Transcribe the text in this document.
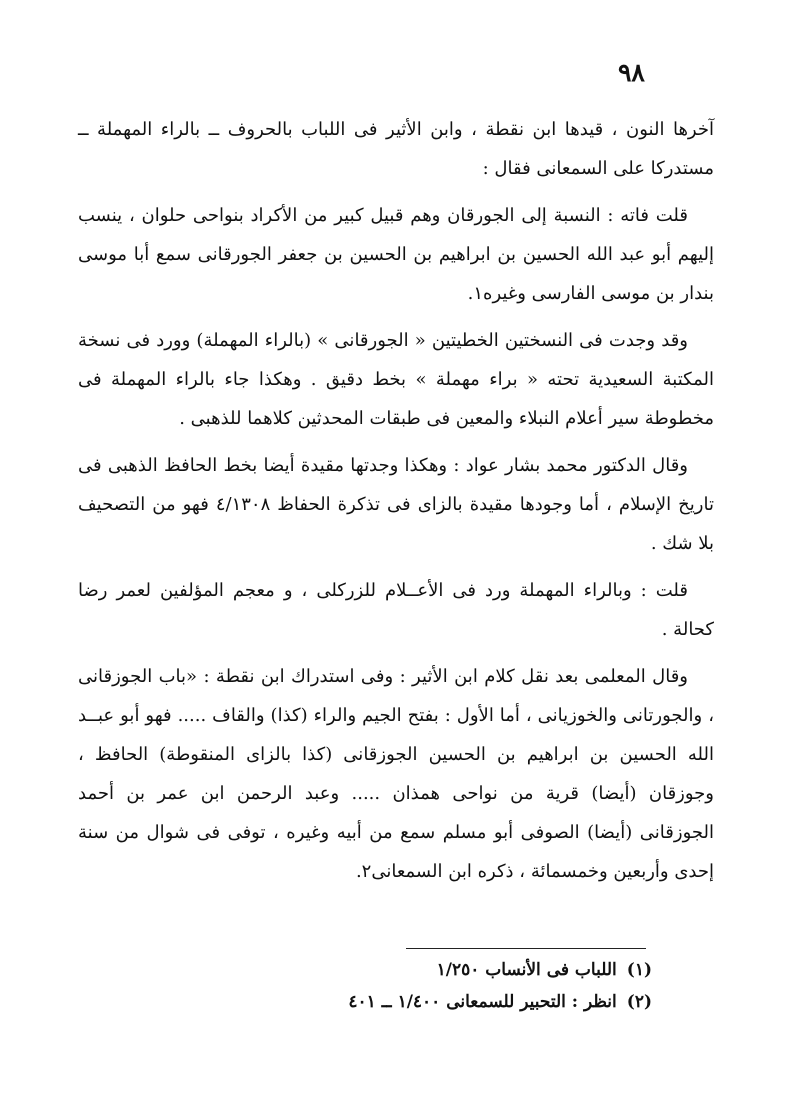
٩٨

آخرها النون ، قيدها ابن نقطة ، وابن الأثير فى اللباب بالحروف ــ بالراء المهملة ــ مستدركا على السمعانى فقال :

قلت فاته : النسبة إلى الجورقان وهم قبيل كبير من الأكراد بنواحى حلوان ، ينسب إليهم أبو عبد الله الحسين بن ابراهيم بن الحسين بن جعفر الجورقانى سمع أبا موسى بندار بن موسى الفارسى وغيره١.

وقد وجدت فى النسختين الخطيتين « الجورقانى » (بالراء المهملة) وورد فى نسخة المكتبة السعيدية تحته « براء مهملة » بخط دقيق . وهكذا جاء بالراء المهملة فى مخطوطة سير أعلام النبلاء والمعين فى طبقات المحدثين كلاهما للذهبى .

وقال الدكتور محمد بشار عواد : وهكذا وجدتها مقيدة أيضا بخط الحافظ الذهبى فى تاريخ الإسلام ، أما وجودها مقيدة بالزاى فى تذكرة الحفاظ ٤/١٣٠٨ فهو من التصحيف بلا شك .

قلت : وبالراء المهملة ورد فى الأعــلام للزركلى ، و معجم المؤلفين لعمر رضا كحالة .

وقال المعلمى بعد نقل كلام ابن الأثير : وفى استدراك ابن نقطة : «باب الجوزقانى ، والجورتانى والخوزيانى ، أما الأول : بفتح الجيم والراء (كذا) والقاف ..... فهو أبو عبــد الله الحسين بن ابراهيم بن الحسين الجوزقانى (كذا بالزاى المنقوطة) الحافظ ، وجوزقان (أيضا) قرية من نواحى همذان ..... وعبد الرحمن ابن عمر بن أحمد الجوزقانى (أيضا) الصوفى أبو مسلم سمع من أبيه وغيره ، توفى فى شوال من سنة إحدى وأربعين وخمسمائة ، ذكره ابن السمعانى٢.

(١)اللباب فى الأنساب ١/٢٥٠
(٢)انظر : التحبير للسمعانى ١/٤٠٠ ــ ٤٠١
